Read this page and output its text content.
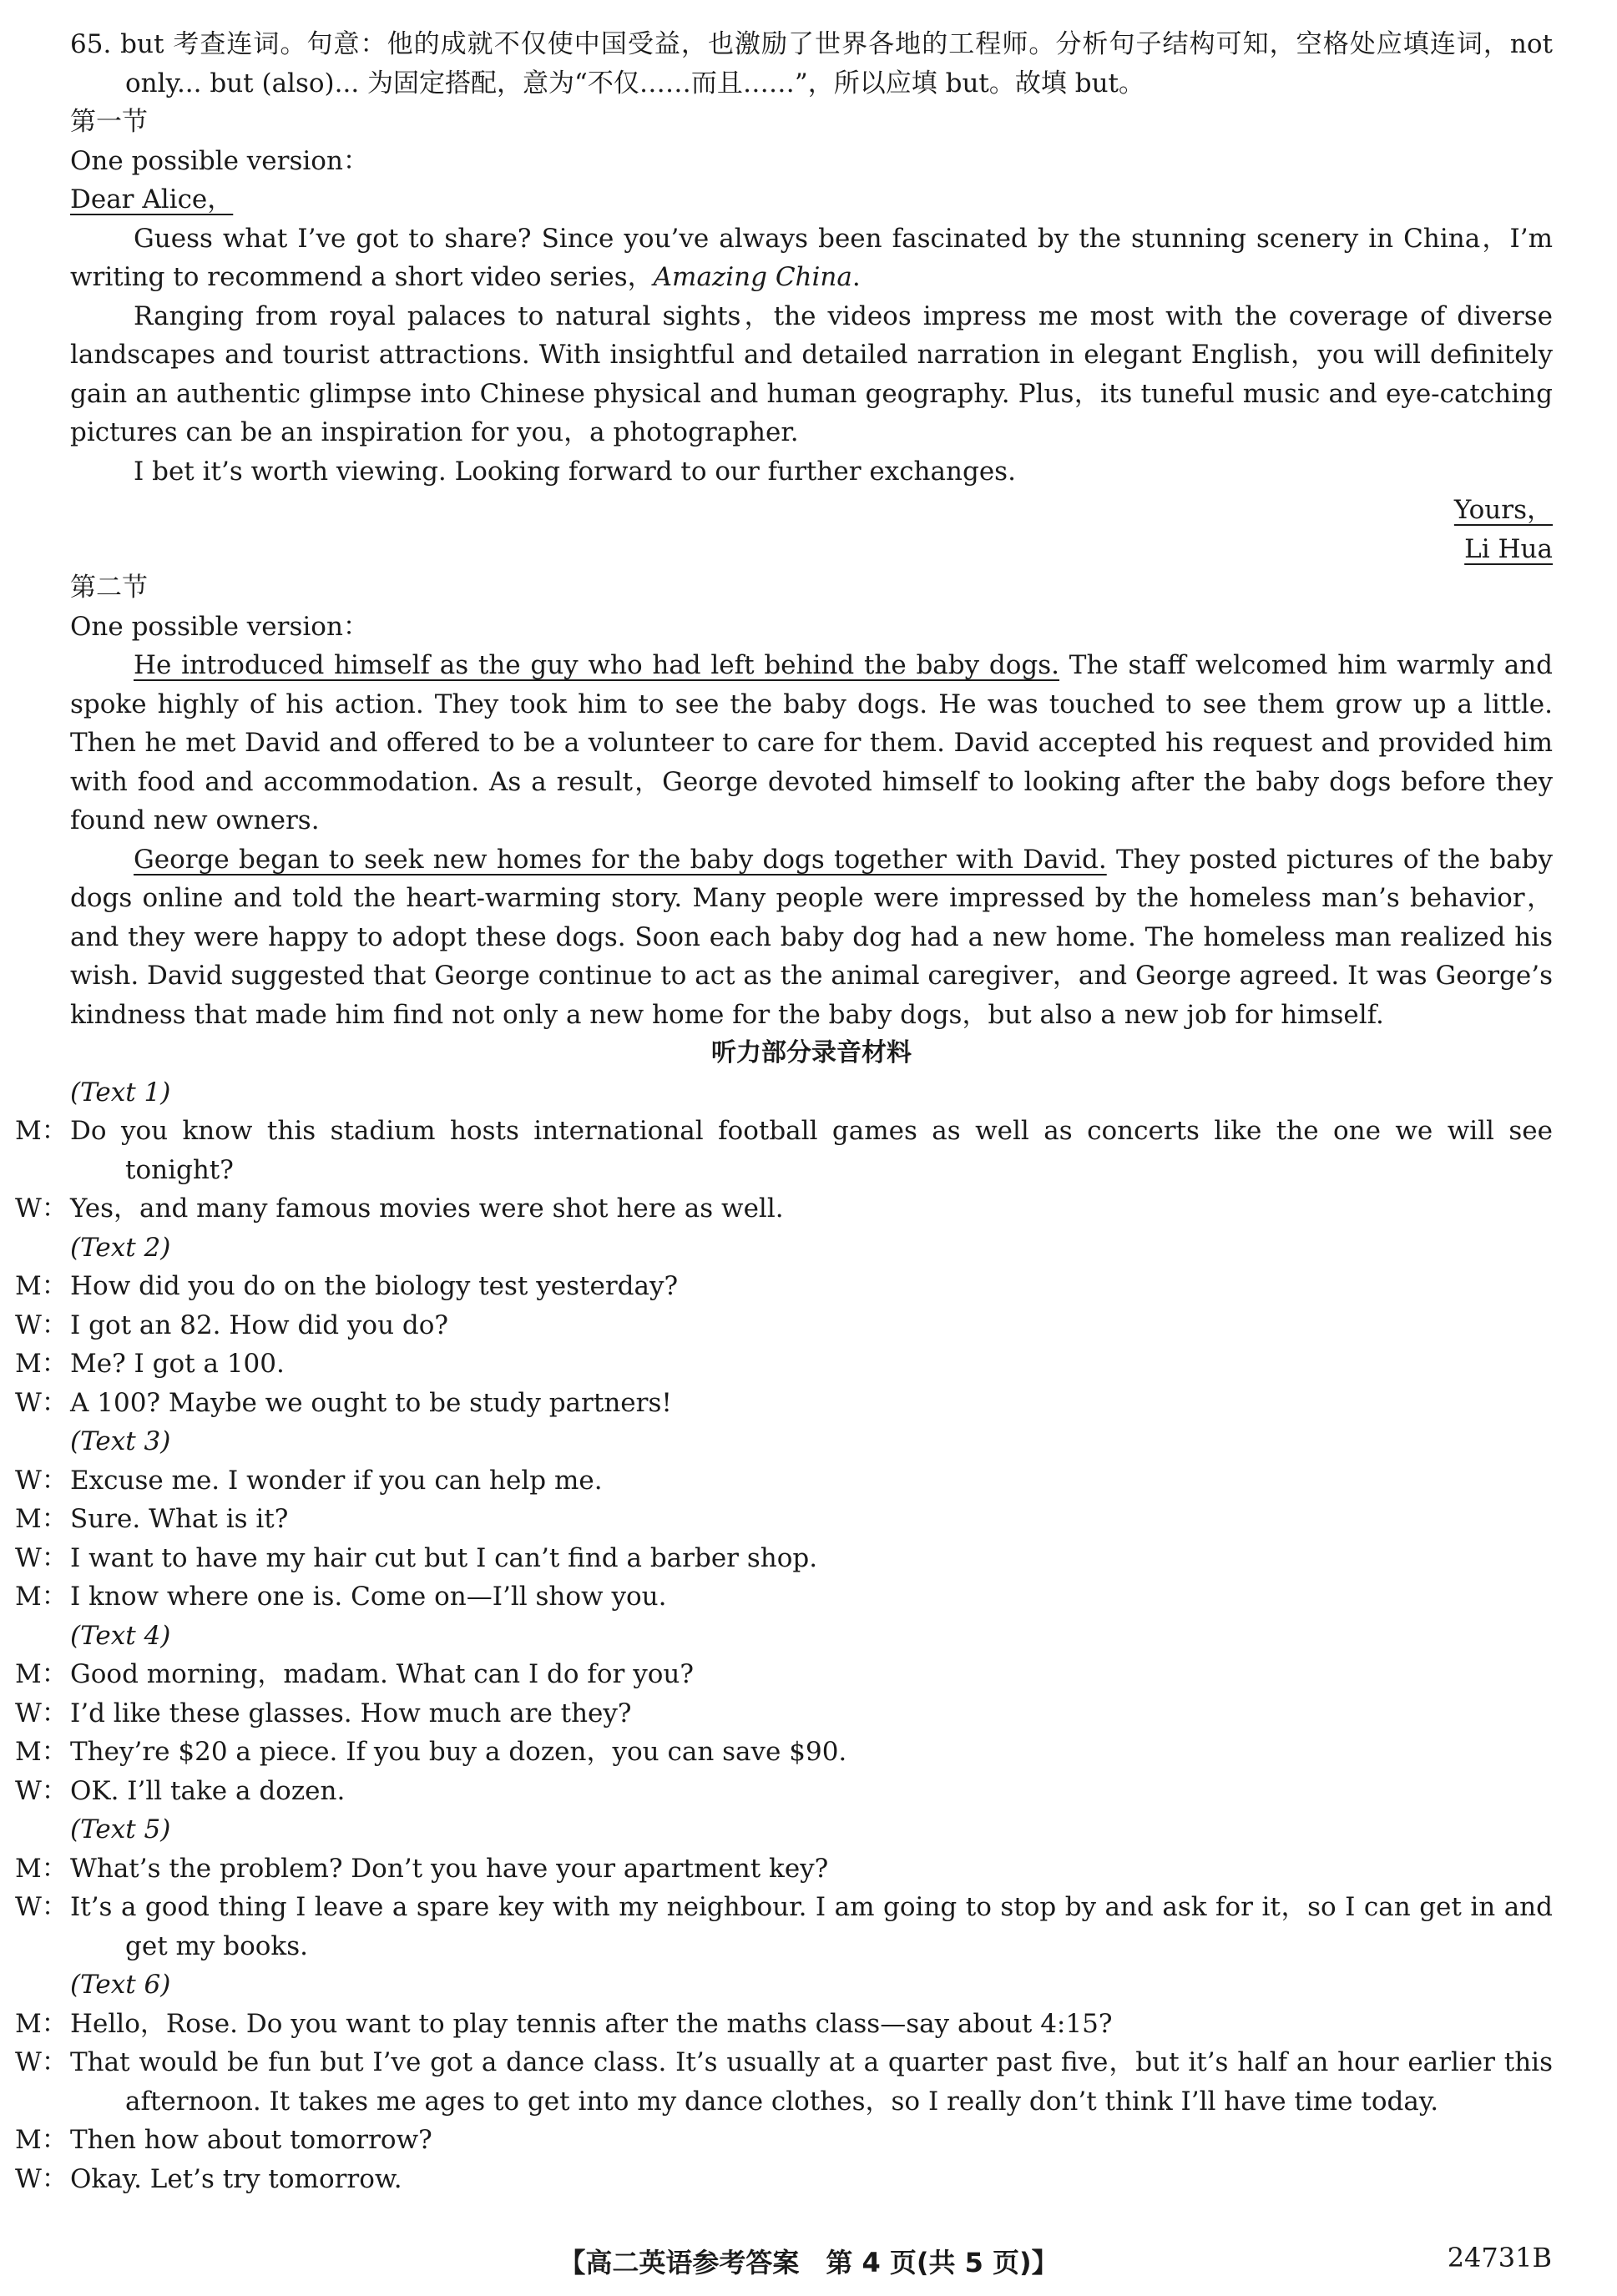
65. but 考查连词。句意：他的成就不仅使中国受益，也激励了世界各地的工程师。分析句子结构可知，空格处应填连词，not only... but (also)... 为固定搭配，意为“不仅……而且……”，所以应填 but。故填 but。

第一节

One possible version：

Dear Alice，

Guess what I’ve got to share? Since you’ve always been fascinated by the stunning scenery in China，I’m writing to recommend a short video series，Amazing China.

Ranging from royal palaces to natural sights，the videos impress me most with the coverage of diverse landscapes and tourist attractions. With insightful and detailed narration in elegant English，you will definitely gain an authentic glimpse into Chinese physical and human geography. Plus，its tuneful music and eye-catching pictures can be an inspiration for you，a photographer.

I bet it’s worth viewing. Looking forward to our further exchanges.

Yours，

Li Hua

第二节

One possible version：

He introduced himself as the guy who had left behind the baby dogs. The staff welcomed him warmly and spoke highly of his action. They took him to see the baby dogs. He was touched to see them grow up a little. Then he met David and offered to be a volunteer to care for them. David accepted his request and provided him with food and accommodation. As a result，George devoted himself to looking after the baby dogs before they found new owners.

George began to seek new homes for the baby dogs together with David. They posted pictures of the baby dogs online and told the heart-warming story. Many people were impressed by the homeless man’s behavior，and they were happy to adopt these dogs. Soon each baby dog had a new home. The homeless man realized his wish. David suggested that George continue to act as the animal caregiver，and George agreed. It was George’s kindness that made him find not only a new home for the baby dogs，but also a new job for himself.

听力部分录音材料

(Text 1)

M： Do you know this stadium hosts international football games as well as concerts like the one we will see tonight?

W： Yes，and many famous movies were shot here as well.

(Text 2)

M： How did you do on the biology test yesterday?

W： I got an 82. How did you do?

M： Me? I got a 100.

W： A 100? Maybe we ought to be study partners!

(Text 3)

W： Excuse me. I wonder if you can help me.

M： Sure. What is it?

W： I want to have my hair cut but I can’t find a barber shop.

M： I know where one is. Come on—I’ll show you.

(Text 4)

M： Good morning，madam. What can I do for you?

W： I’d like these glasses. How much are they?

M： They’re $20 a piece. If you buy a dozen，you can save $90.

W： OK. I’ll take a dozen.

(Text 5)

M： What’s the problem? Don’t you have your apartment key?

W： It’s a good thing I leave a spare key with my neighbour. I am going to stop by and ask for it，so I can get in and get my books.

(Text 6)

M： Hello，Rose. Do you want to play tennis after the maths class—say about 4:15?

W： That would be fun but I’ve got a dance class. It’s usually at a quarter past five，but it’s half an hour earlier this afternoon. It takes me ages to get into my dance clothes，so I really don’t think I’ll have time today.

M： Then how about tomorrow?

W： Okay. Let’s try tomorrow.

【高二英语参考答案　第 4 页(共 5 页)】	24731B
